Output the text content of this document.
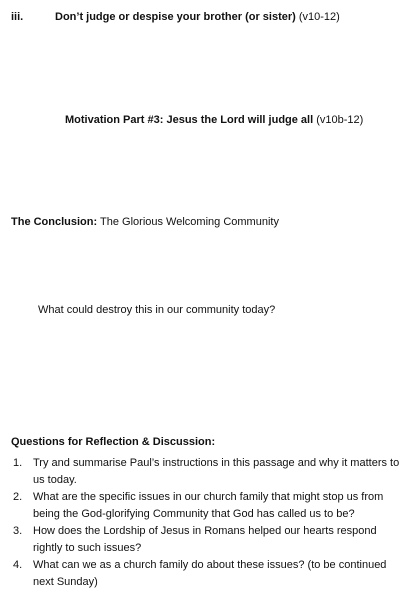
iii.	Don’t judge or despise your brother (or sister) (v10-12)
Motivation Part #3: Jesus the Lord will judge all (v10b-12)
The Conclusion: The Glorious Welcoming Community
What could destroy this in our community today?
Questions for Reflection & Discussion:
1. Try and summarise Paul’s instructions in this passage and why it matters to us today.
2. What are the specific issues in our church family that might stop us from being the God-glorifying Community that God has called us to be?
3. How does the Lordship of Jesus in Romans helped our hearts respond rightly to such issues?
4. What can we as a church family do about these issues? (to be continued next Sunday)
